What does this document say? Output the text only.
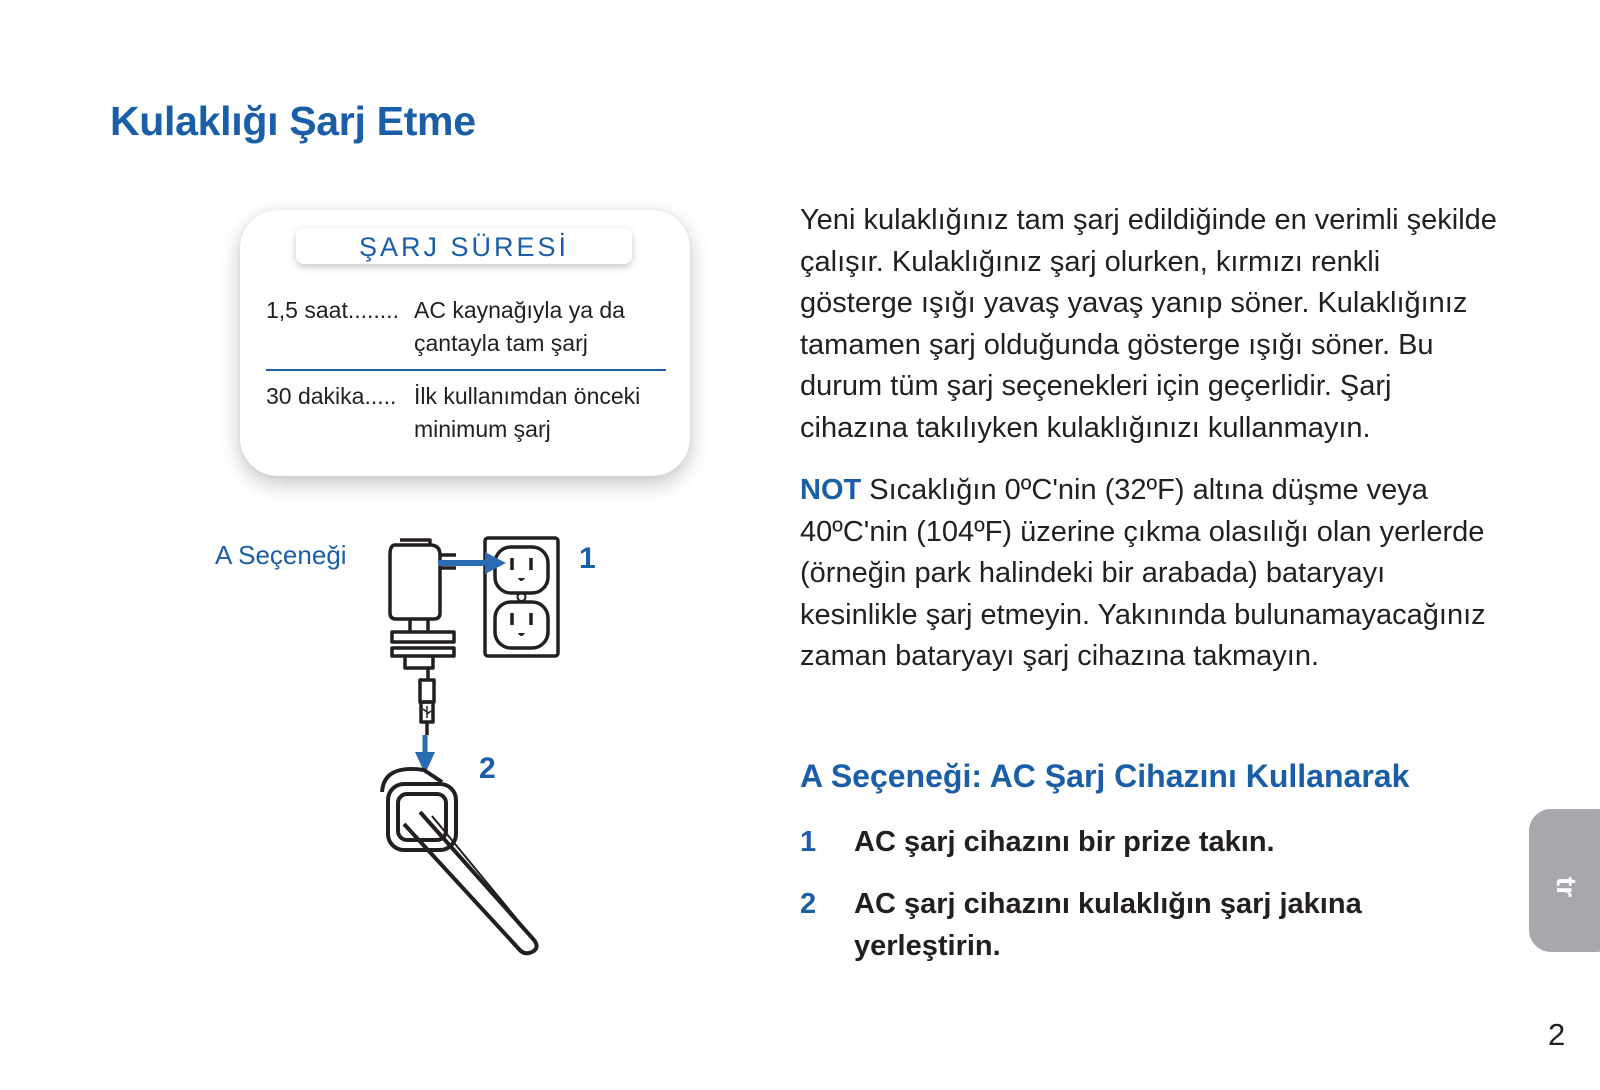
Kulaklığı Şarj Etme
ŞARJ SÜRESİ
1,5 saat........ AC kaynağıyla ya da çantayla tam şarj
30 dakika..... İlk kullanımdan önceki minimum şarj
A Seçeneği	1
2

Yeni kulaklığınız tam şarj edildiğinde en verimli şekilde çalışır. Kulaklığınız şarj olurken, kırmızı renkli gösterge ışığı yavaş yavaş yanıp söner. Kulaklığınız tamamen şarj olduğunda gösterge ışığı söner. Bu durum tüm şarj seçenekleri için geçerlidir. Şarj cihazına takılıyken kulaklığınızı kullanmayın.

NOT Sıcaklığın 0ºC'nin (32ºF) altına düşme veya 40ºC'nin (104ºF) üzerine çıkma olasılığı olan yerlerde (örneğin park halindeki bir arabada) bataryayı kesinlikle şarj etmeyin. Yakınında bulunamayacağınız zaman bataryayı şarj cihazına takmayın.

A Seçeneği: AC Şarj Cihazını Kullanarak
1 AC şarj cihazını bir prize takın.
2 AC şarj cihazını kulaklığın şarj jakına yerleştirin.
tr
2
